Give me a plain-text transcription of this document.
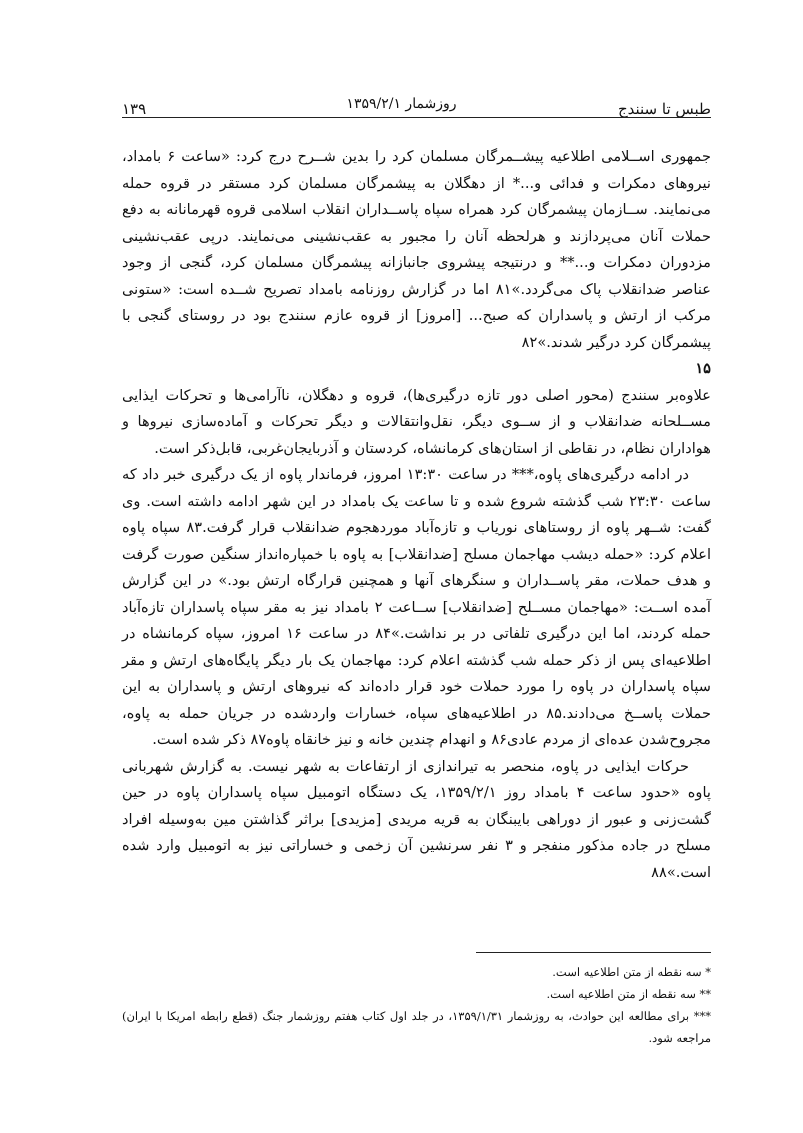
طبس تا سنندج
۱۳۹	روزشمار ۱۳۵۹/۲/۱

جمهوری اســلامی اطلاعیه پیشــمرگان مسلمان کرد را بدین شــرح درج کرد: «ساعت ۶ بامداد، نیروهای دمکرات و فدائی و...* از دهگلان به پیشمرگان مسلمان کرد مستقر در قروه حمله می‌نمایند. ســازمان پیشمرگان کرد همراه سپاه پاســداران انقلاب اسلامی قروه قهرمانانه به دفع حملات آنان می‌پردازند و هرلحظه آنان را مجبور به عقب‌نشینی می‌نمایند. درپی عقب‌نشینی مزدوران دمکرات و...** و درنتیجه پیشروی جانبازانه پیشمرگان مسلمان کرد، گنجی از وجود عناصر ضدانقلاب پاک می‌گردد.»۸۱ اما در گزارش روزنامه بامداد تصریح شــده است: «ستونی مرکب از ارتش و پاسداران که صبح... [امروز] از قروه عازم سنندج بود در روستای گنجی با پیشمرگان کرد درگیر شدند.»۸۲

۱۵

علاوه‌بر سنندج (محور اصلی دور تازه درگیری‌ها)، قروه و دهگلان، ناآرامی‌ها و تحرکات ایذایی مســلحانه ضدانقلاب و از ســوی دیگر، نقل‌وانتقالات و دیگر تحرکات و آماده‌سازی نیروها و هواداران نظام، در نقاطی از استان‌های کرمانشاه، کردستان و آذربایجان‌غربی، قابل‌ذکر است.

در ادامه درگیری‌های پاوه،*** در ساعت ۱۳:۳۰ امروز، فرماندار پاوه از یک درگیری خبر داد که ساعت ۲۳:۳۰ شب گذشته شروع شده و تا ساعت یک بامداد در این شهر ادامه داشته است. وی گفت: شــهر پاوه از روستاهای نوریاب و تازه‌آباد موردهجوم ضدانقلاب قرار گرفت.۸۳ سپاه پاوه اعلام کرد: «حمله دیشب مهاجمان مسلح [ضدانقلاب] به پاوه با خمپاره‌انداز سنگین صورت گرفت و هدف حملات، مقر پاســداران و سنگرهای آنها و همچنین قرارگاه ارتش بود.» در این گزارش آمده اســت: «مهاجمان مســلح [ضدانقلاب] ســاعت ۲ بامداد نیز به مقر سپاه پاسداران تازه‌آباد حمله کردند، اما این درگیری تلفاتی در بر نداشت.»۸۴ در ساعت ۱۶ امروز، سپاه کرمانشاه در اطلاعیه‌ای پس از ذکر حمله شب گذشته اعلام کرد: مهاجمان یک بار دیگر پایگاه‌های ارتش و مقر سپاه پاسداران در پاوه را مورد حملات خود قرار داده‌اند که نیروهای ارتش و پاسداران به این حملات پاســخ می‌دادند.۸۵ در اطلاعیه‌های سپاه، خسارات واردشده در جریان حمله به پاوه، مجروح‌شدن عده‌ای از مردم عادی۸۶ و انهدام چندین خانه و نیز خانقاه پاوه۸۷ ذکر شده است.

حرکات ایذایی در پاوه، منحصر به تیراندازی از ارتفاعات به شهر نیست. به گزارش شهربانی پاوه «حدود ساعت ۴ بامداد روز ۱۳۵۹/۲/۱، یک دستگاه اتومبیل سپاه پاسداران پاوه در حین گشت‌زنی و عبور از دوراهی بایبنگان به قریه مریدی [مزیدی] براثر گذاشتن مین به‌وسیله افراد مسلح در جاده مذکور منفجر و ۳ نفر سرنشین آن زخمی و خساراتی نیز به اتومبیل وارد شده است.»۸۸

* سه نقطه از متن اطلاعیه است.

** سه نقطه از متن اطلاعیه است.

*** برای مطالعه این حوادث، به روزشمار ۱۳۵۹/۱/۳۱، در جلد اول کتاب هفتم روزشمار جنگ (قطع رابطه امریکا با ایران) مراجعه شود.
